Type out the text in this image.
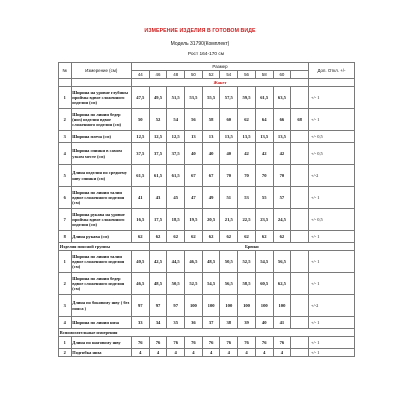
ИЗМЕРЕНИЕ ИЗДЕЛИЯ В ГОТОВОМ ВИДЕ
Модель 31790(Комплект)
Рост 164-170 см
№	Измерение (см)	Размер										Доп. Откл. +/-
		44	46	48	50	52	54	56	58	60		
		Жакет										
1	Ширина на уровне глубины проймы вдвое сложенного изделия (см)	47,5	49,5	51,5	53,5	55,5	57,5	59,5	61,5	63,5		+/- 1
2	Ширина по линии бедер (низ) изделия вдвое сложенного изделия (см)	50	52	54	56	58	60	62	64	66	68	+/- 1
3	Ширина плеча (см)	12,5	12,5	12,5	13	13	13,5	13,5	13,5	13,5		+/- 0,5
4	Ширина спинки в самом узком месте (см)	37,5	37,5	37,5	40	40	40	42	42	42		+/- 0,5
5	Длина изделия по среднему шву спинки (см)	61,5	61,5	61,5	67	67	70	70	70	70		+/-2
6	Ширина по линии талии вдвое сложенного изделия (см)	41	43	45	47	49	51	53	55	57		+/- 1
7	Ширина рукава на уровне проймы вдвое сложенного изделия (см)	16,5	17,5	18,5	19,5	20,5	21,5	22,5	23,5	24,5		+/- 0,5
8	Длина рукава (см)	62	62	62	62	62	62	62	62	62		+/- 1
Изделия поясной группы			Брюки									
1	Ширина по линии талии вдвое сложенного изделия (см)	40,5	42,5	44,5	46,5	48,5	50,5	52,5	54,5	56,5		+/- 1
2	Ширина по линии бедер вдвое сложенного изделия (см)	46,5	48,5	50,5	52,5	54,5	56,5	58,5	60,5	62,5		+/- 1
3	Длина по боковому шву ( без пояса )	97	97	97	100	100	100	100	100	100		+/-2
4	Ширина по линии низа	33	34	35	36	37	38	39	40	41		+/- 1
Вспомогательные измерения												
1	Длина по шаговому шву	76	76	76	76	76	76	76	76	76		+/- 1
2	Подгибка низа	4	4	4	4	4	4	4	4	4		+/- 1
